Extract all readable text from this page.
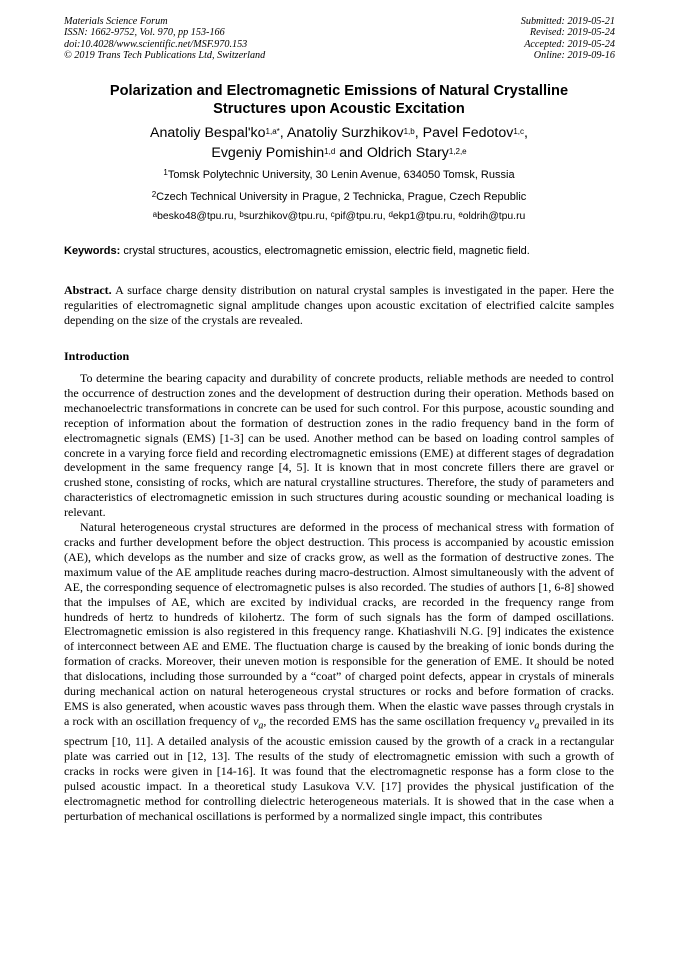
Materials Science Forum
ISSN: 1662-9752, Vol. 970, pp 153-166
doi:10.4028/www.scientific.net/MSF.970.153
© 2019 Trans Tech Publications Ltd, Switzerland
Submitted: 2019-05-21
Revised: 2019-05-24
Accepted: 2019-05-24
Online: 2019-09-16
Polarization and Electromagnetic Emissions of Natural Crystalline
Structures upon Acoustic Excitation
Anatoliy $Bespal'ko^{1,a*}$, Anatoliy Surzhikov$^{1,b}$, Pavel Fedotov$^{1,c}$,
Evgeniy Pomishin$^{1,d}$ and Oldrich Stary$^{1,2,e}$
$^1$Tomsk Polytechnic University, 30 Lenin Avenue, 634050 Tomsk, Russia
$^2$Czech Technical University in Prague, 2 Technicka, Prague, Czech Republic
$^a$besko48@tpu.ru, $^b$surzhikov@tpu.ru, $^c$pif@tpu.ru, $^d$ekp1@tpu.ru, $^e$oldrih@tpu.ru
Keywords: crystal structures, acoustics, electromagnetic emission, electric field, magnetic field.

Abstract. A surface charge density distribution on natural crystal samples is investigated in the paper. Here the regularities of electromagnetic signal amplitude changes upon acoustic excitation of electrified calcite samples depending on the size of the crystals are revealed.

Introduction

To determine the bearing capacity and durability of concrete products, reliable methods are needed to control the occurrence of destruction zones and the development of destruction during their operation. Methods based on mechanoelectric transformations in concrete can be used for such control. For this purpose, acoustic sounding and reception of information about the formation of destruction zones in the radio frequency band in the form of electromagnetic signals (EMS) [1-3] can be used. Another method can be based on loading control samples of concrete in a varying force field and recording electromagnetic emissions (EME) at different stages of degradation development in the same frequency range [4, 5]. It is known that in most concrete fillers there are gravel or crushed stone, consisting of rocks, which are natural crystalline structures. Therefore, the study of parameters and characteristics of electromagnetic emission in such structures during acoustic sounding or mechanical loading is relevant.

Natural heterogeneous crystal structures are deformed in the process of mechanical stress with formation of cracks and further development before the object destruction. This process is accompanied by acoustic emission (AE), which develops as the number and size of cracks grow, as well as the formation of destructive zones. The maximum value of the AE amplitude reaches during macro-destruction. Almost simultaneously with the advent of AE, the corresponding sequence of electromagnetic pulses is also recorded. The studies of authors [1, 6-8] showed that the impulses of AE, which are excited by individual cracks, are recorded in the frequency range from hundreds of hertz to hundreds of kilohertz. The form of such signals has the form of damped oscillations. Electromagnetic emission is also registered in this frequency range. Khatiashvili N.G. [9] indicates the existence of interconnect between AE and EME. The fluctuation charge is caused by the breaking of ionic bonds during the formation of cracks. Moreover, their uneven motion is responsible for the generation of EME. It should be noted that dislocations, including those surrounded by a “coat” of charged point defects, appear in crystals of minerals during mechanical action on natural heterogeneous crystal structures or rocks and before formation of cracks. EMS is also generated, when acoustic waves pass through them. When the elastic wave passes through crystals in a rock with an oscillation frequency of $\nu_a$, the recorded EMS has the same oscillation frequency $\nu_a$ prevailed in its spectrum [10, 11]. A detailed analysis of the acoustic emission caused by the growth of a crack in a rectangular plate was carried out in [12, 13]. The results of the study of electromagnetic emission with such a growth of cracks in rocks were given in [14-16]. It was found that the electromagnetic response has a form close to the pulsed acoustic impact. In a theoretical study Lasukova V.V. [17] provides the physical justification of the electromagnetic method for controlling dielectric heterogeneous materials. It is showed that in the case when a perturbation of mechanical oscillations is performed by a normalized single impact, this contributes
